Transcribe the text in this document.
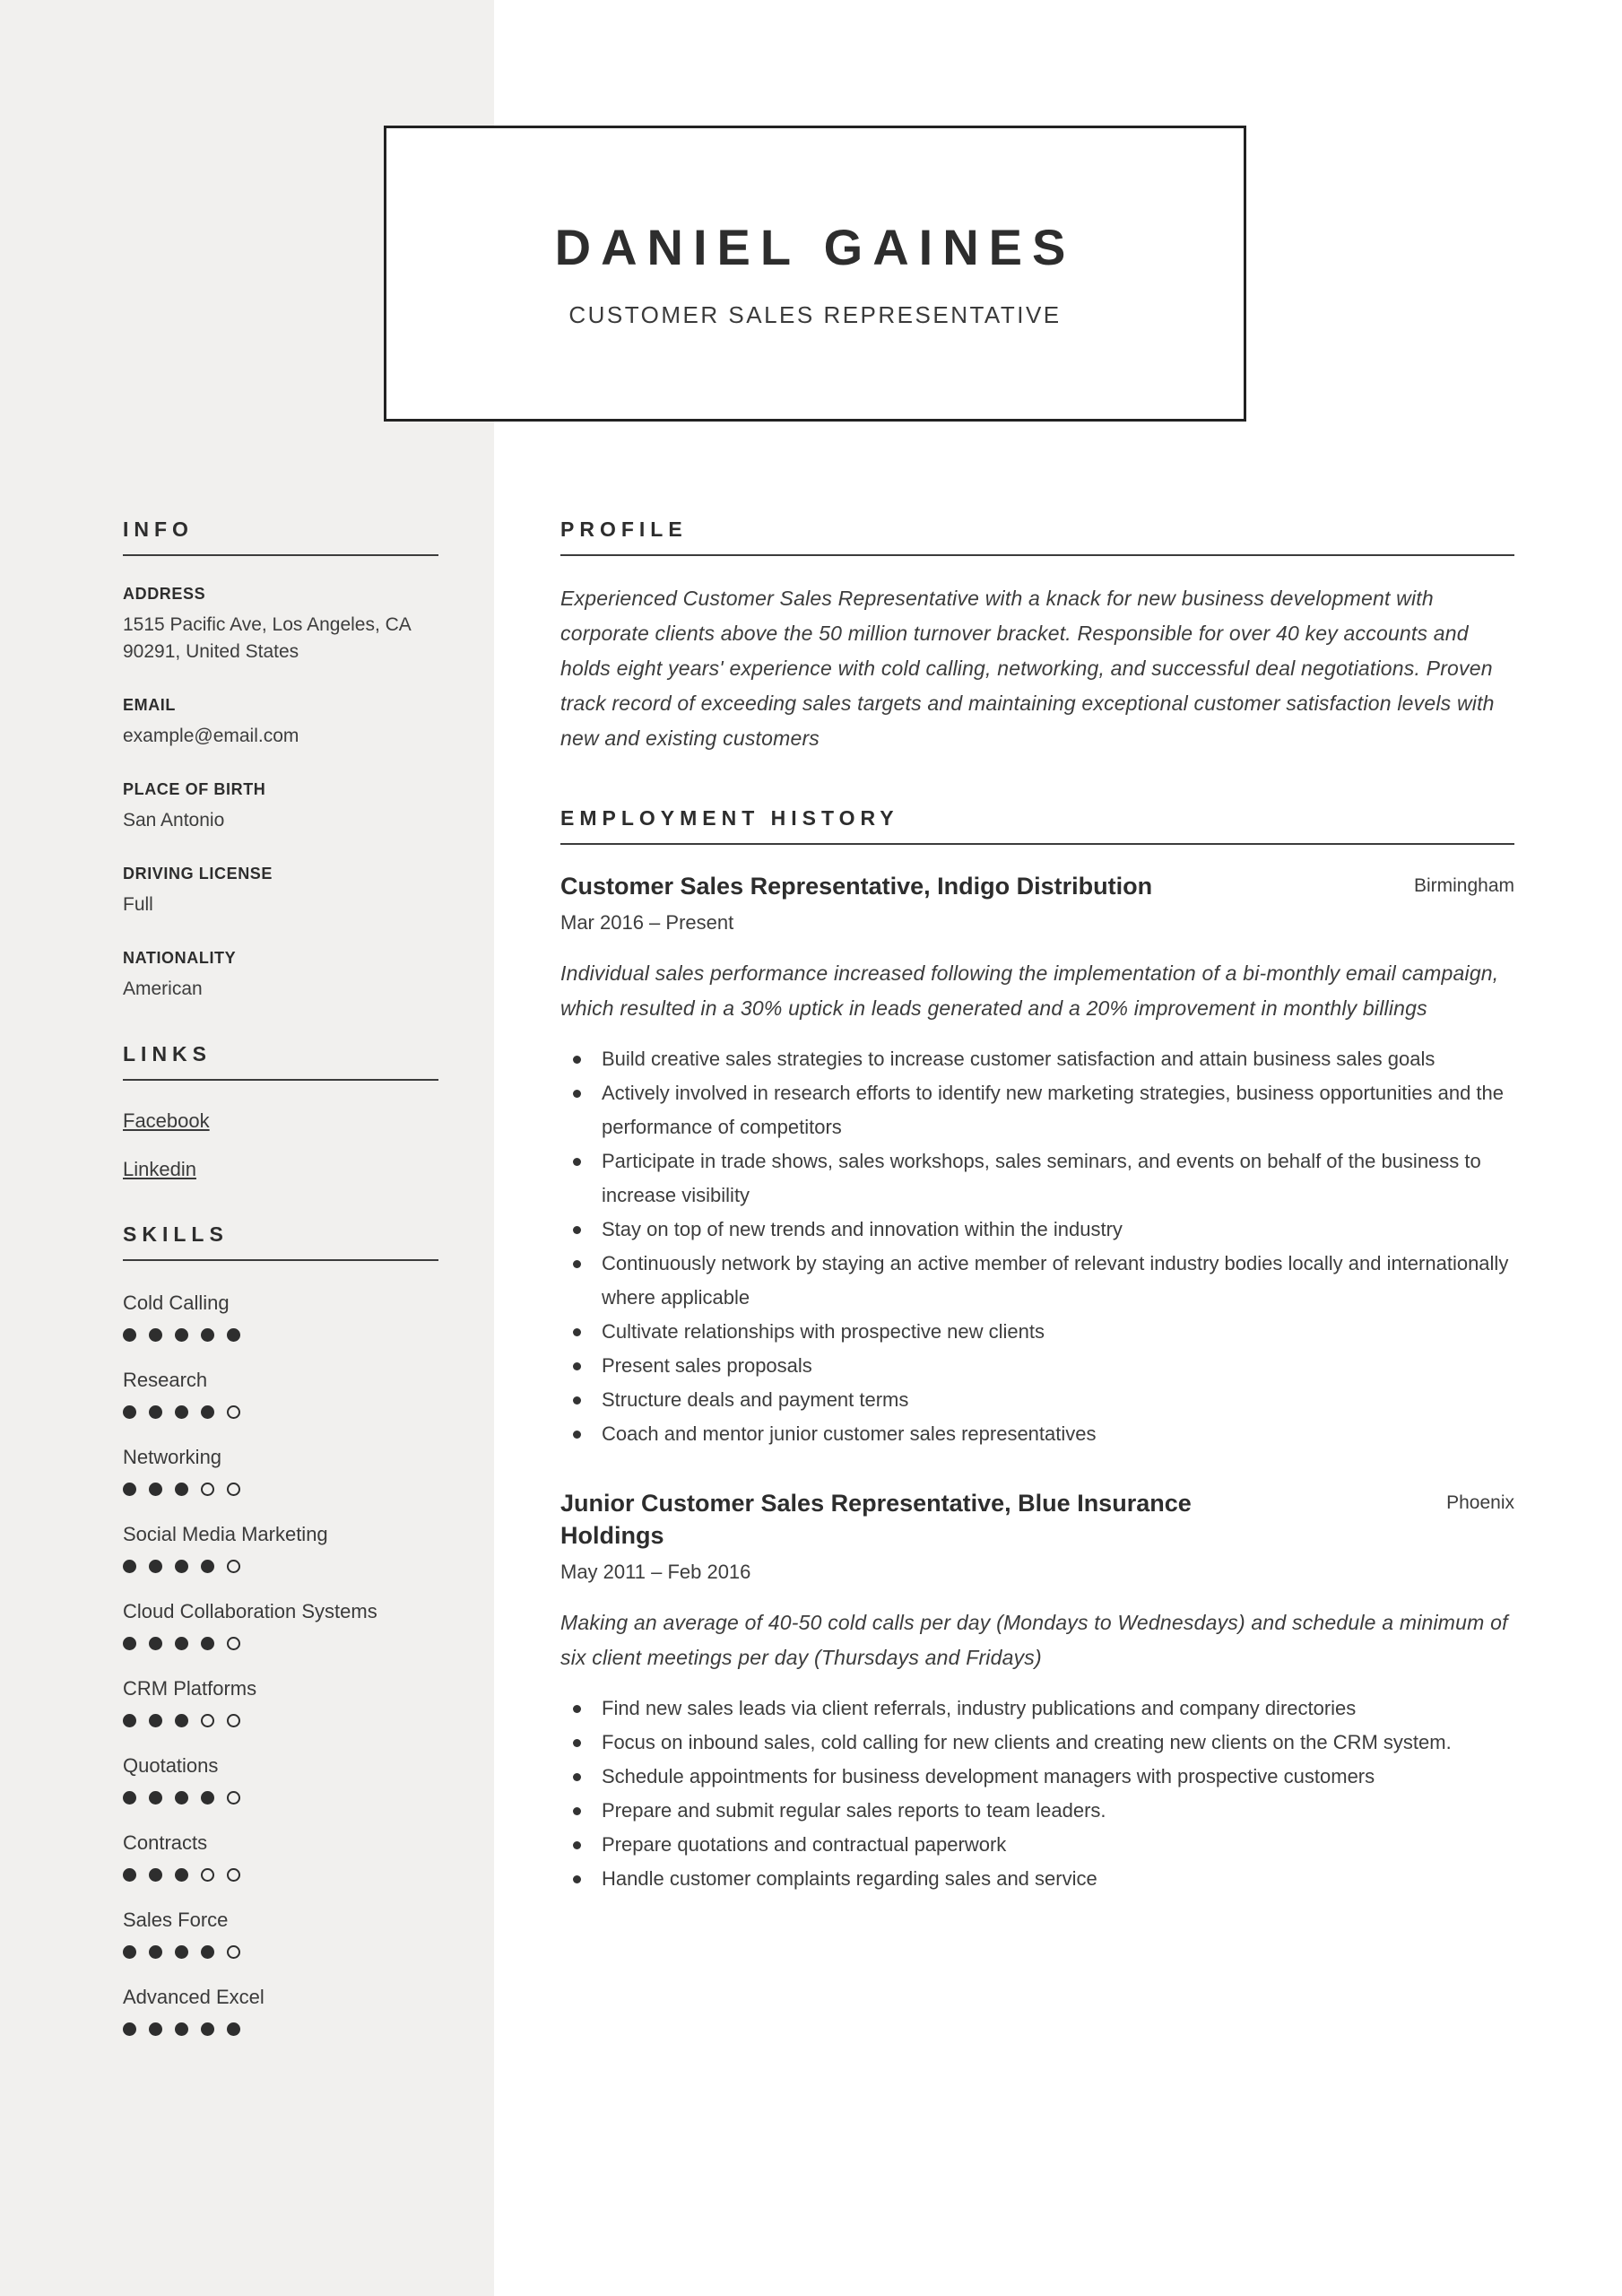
DANIEL GAINES
CUSTOMER SALES REPRESENTATIVE
INFO
ADDRESS
1515 Pacific Ave, Los Angeles, CA 90291, United States
EMAIL
example@email.com
PLACE OF BIRTH
San Antonio
DRIVING LICENSE
Full
NATIONALITY
American
LINKS
Facebook
Linkedin
SKILLS
Cold Calling
Research
Networking
Social Media Marketing
Cloud Collaboration Systems
CRM Platforms
Quotations
Contracts
Sales Force
Advanced Excel
PROFILE

Experienced Customer Sales Representative with a knack for new business development with corporate clients above the 50 million turnover bracket. Responsible for over 40 key accounts and holds eight years' experience with cold calling, networking, and successful deal negotiations. Proven track record of exceeding sales targets and maintaining exceptional customer satisfaction levels with new and existing customers

EMPLOYMENT HISTORY
Customer Sales Representative, Indigo Distribution	Birmingham
Mar 2016 – Present

Individual sales performance increased following the implementation of a bi-monthly email campaign, which resulted in a 30% uptick in leads generated and a 20% improvement in monthly billings

Build creative sales strategies to increase customer satisfaction and attain business sales goals
Actively involved in research efforts to identify new marketing strategies, business opportunities and the performance of competitors
Participate in trade shows, sales workshops, sales seminars, and events on behalf of the business to increase visibility
Stay on top of new trends and innovation within the industry
Continuously network by staying an active member of relevant industry bodies locally and internationally where applicable
Cultivate relationships with prospective new clients
Present sales proposals
Structure deals and payment terms
Coach and mentor junior customer sales representatives
Junior Customer Sales Representative, Blue Insurance Holdings
Phoenix
May 2011 – Feb 2016

Making an average of 40-50 cold calls per day (Mondays to Wednesdays) and schedule a minimum of six client meetings per day (Thursdays and Fridays)

Find new sales leads via client referrals, industry publications and company directories
Focus on inbound sales, cold calling for new clients and creating new clients on the CRM system.
Schedule appointments for business development managers with prospective customers
Prepare and submit regular sales reports to team leaders.
Prepare quotations and contractual paperwork
Handle customer complaints regarding sales and service
